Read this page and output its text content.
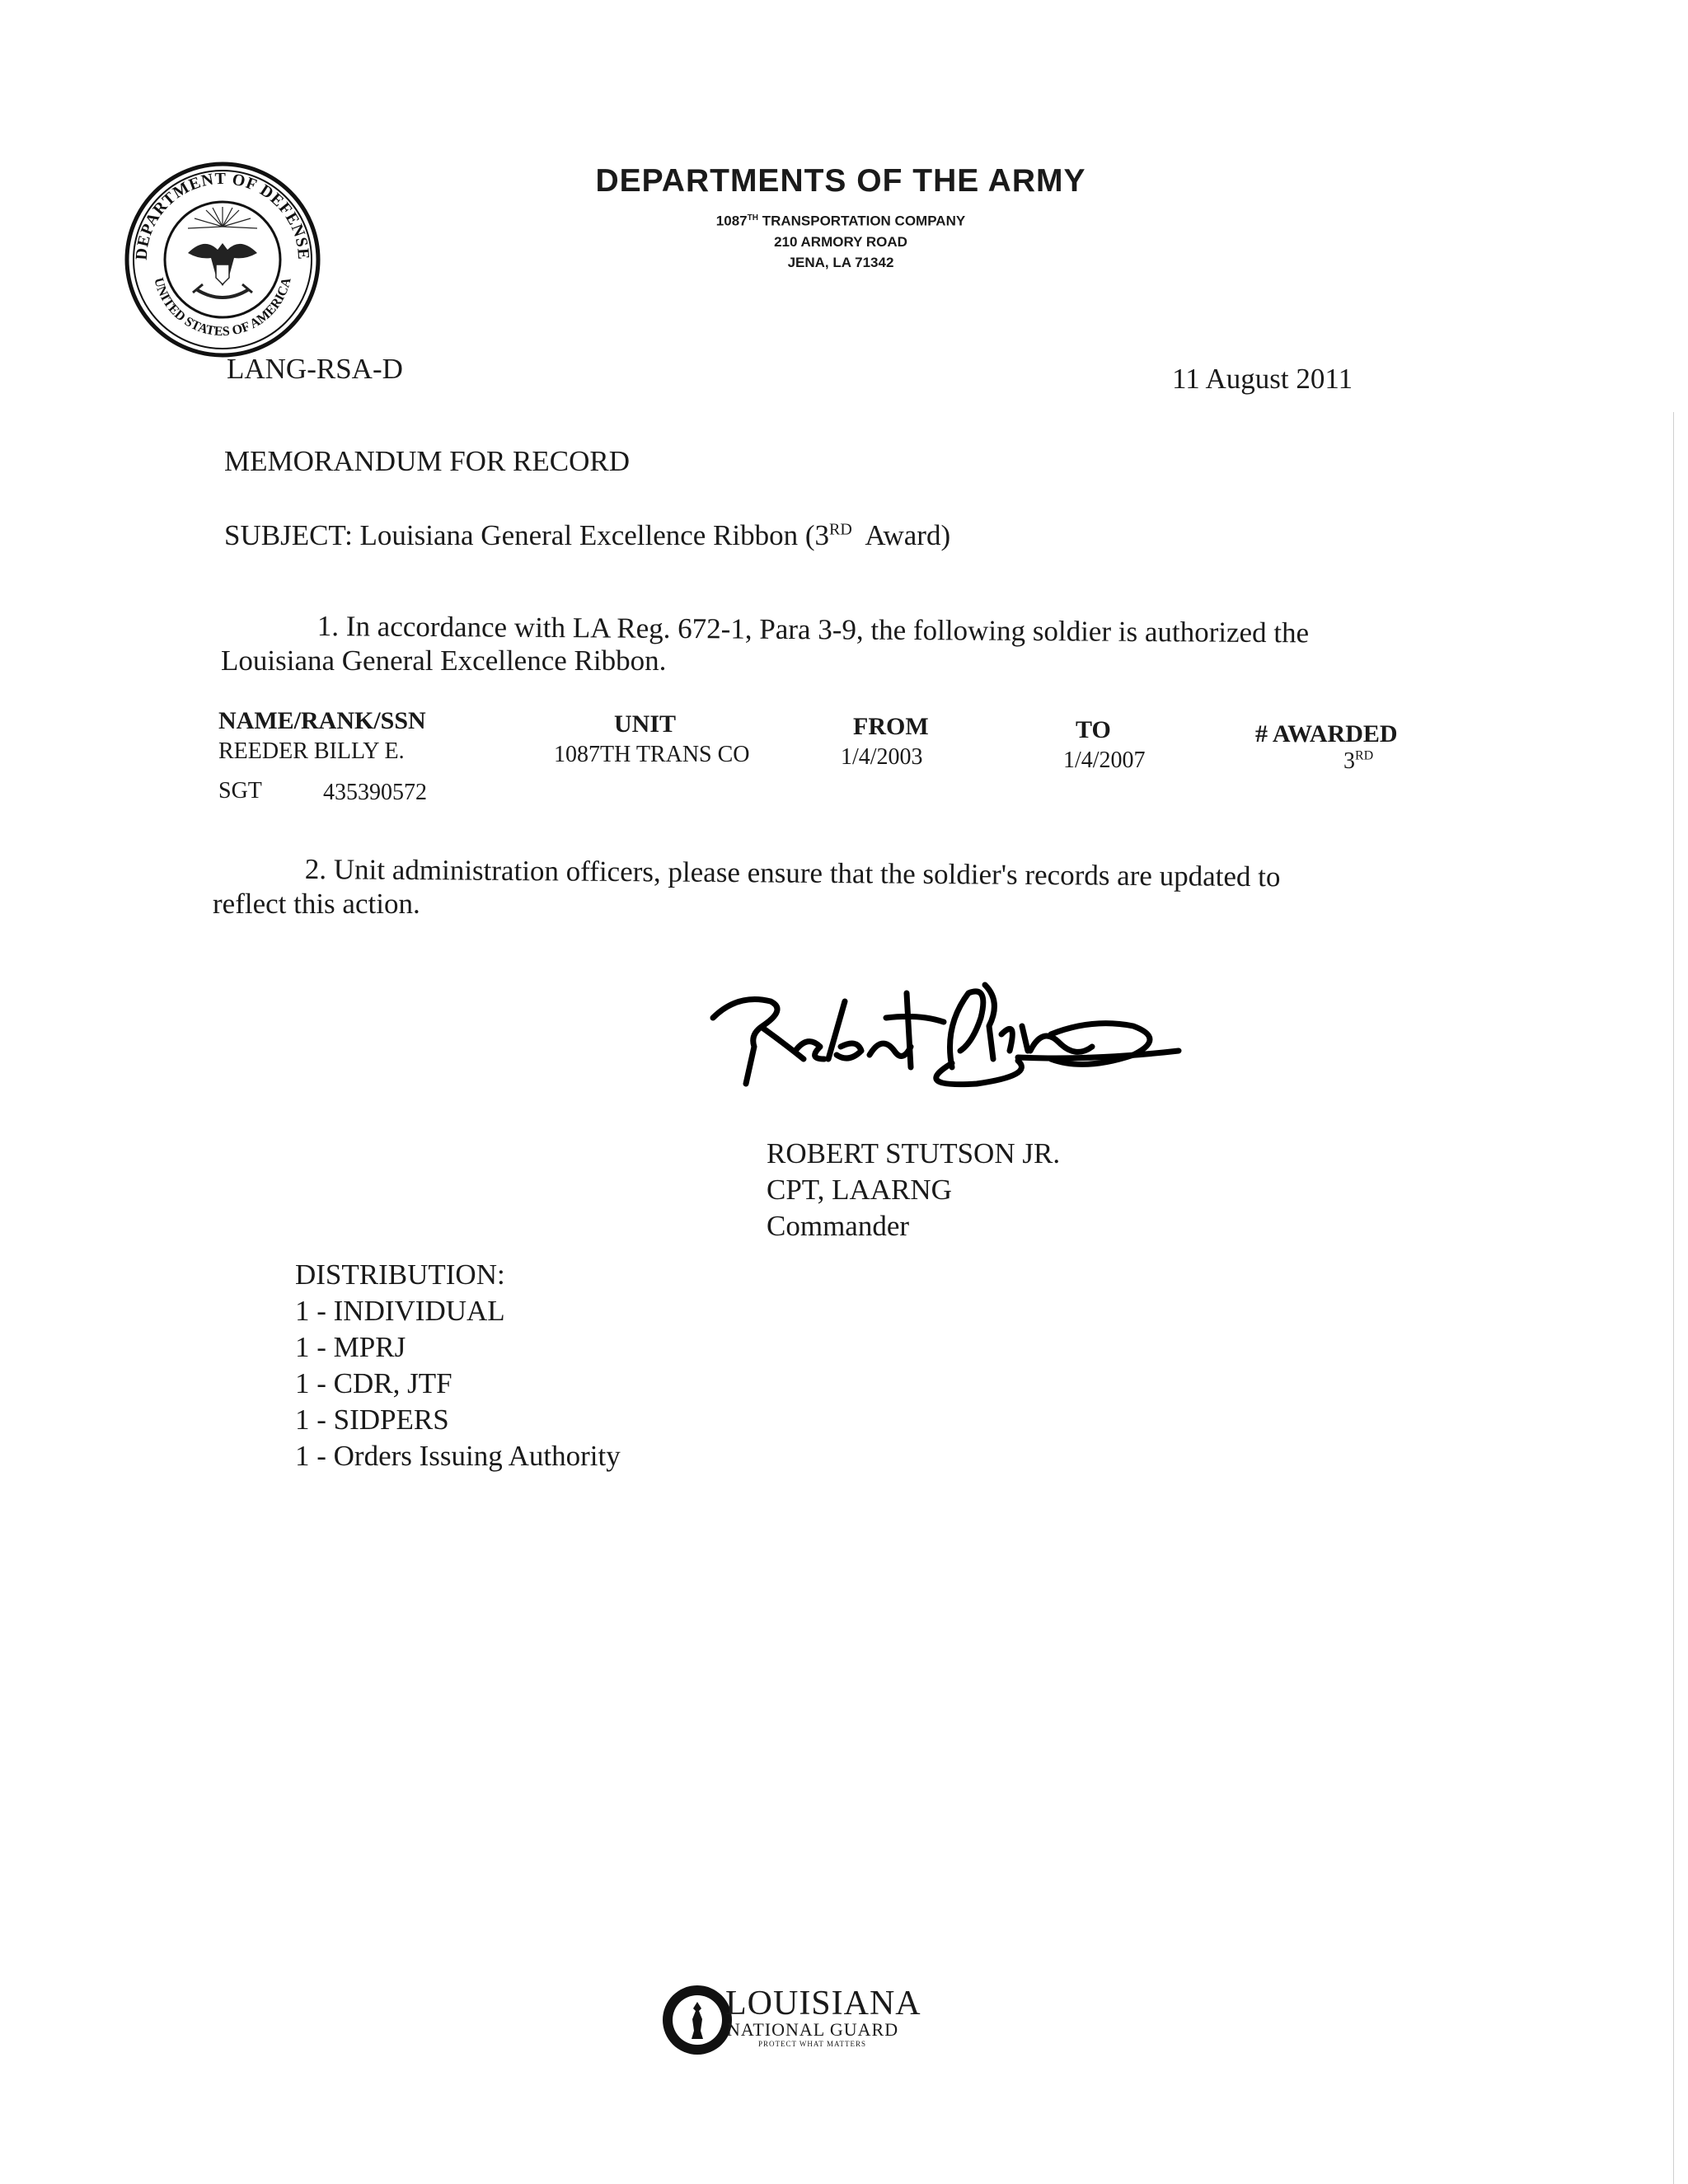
DEPARTMENT OF DEFENSE
UNITED STATES OF AMERICA
DEPARTMENTS OF THE ARMY
1087TH TRANSPORTATION COMPANY
210 ARMORY ROAD
JENA, LA 71342
LANG-RSA-D	11 August 2011
MEMORANDUM FOR RECORD
SUBJECT: Louisiana General Excellence Ribbon (3RD  Award)
1. In accordance with LA Reg. 672-1, Para 3-9, the following soldier is authorized the
Louisiana General Excellence Ribbon.
NAME/RANK/SSN	UNIT	FROM	TO	# AWARDED
REEDER BILLY E.	1087TH TRANS CO	1/4/2003	1/4/2007	3RD
SGT	435390572
2. Unit administration officers, please ensure that the soldier's records are updated to
reflect this action.
ROBERT STUTSON JR.
CPT, LAARNG
Commander
DISTRIBUTION:
1 - INDIVIDUAL
1 - MPRJ
1 - CDR, JTF
1 - SIDPERS
1 - Orders Issuing Authority
LOUISIANA
NATIONAL GUARD
PROTECT WHAT MATTERS
